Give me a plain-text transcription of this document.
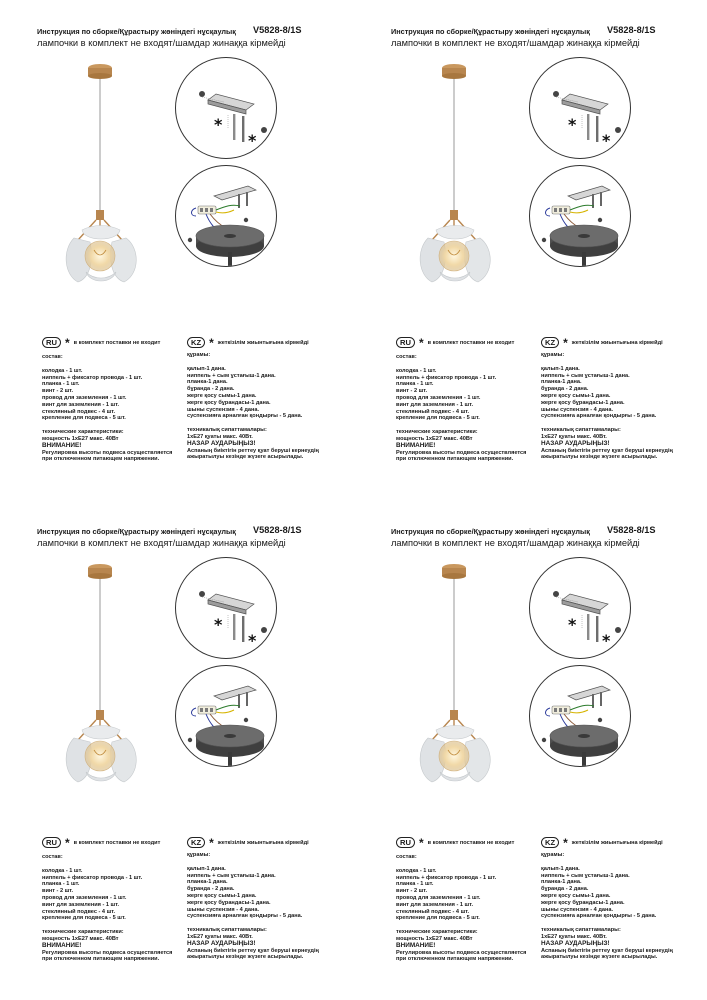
Инструкция по сборке/Құрастыру жөніндегі нұсқаулық V5828-8/1S
лампочки в комплект не входят/шамдар жинаққа кірмейді
*
*
RU * в комплект поставки не входит
состав:
колодка - 1 шт.
ниппель + фиксатор провода - 1 шт.
планка - 1 шт.
винт - 2 шт.
провод для заземления - 1 шт.
винт для заземления - 1 шт.
стеклянный подвес - 4 шт.
крепление для подвеса - 5 шт.
технические характеристики:
мощность 1хE27 макс. 40Вт
ВНИМАНИЕ!
Регулировка высоты подвеса осуществляется
при отключенном питающем напряжении.
KZ * жеткізілім жиынтығына кірмейді
құрамы:
қалып-1 дана.
ниппель + сым ұстағыш-1 дана.
планка-1 дана.
бұранда - 2 дана.
жерге қосу сымы-1 дана.
жерге қосу бұрандасы-1 дана.
шыны суспензия - 4 дана.
суспензияға арналған қондырғы - 5 дана.
техникалық сипаттамалары:
1хE27 қуаты макс. 40Вт.
НАЗАР АУДАРЫҢЫЗ!
Аспаның биіктігін реттеу қуат беруші кернеудің
ажыратылуы кезінде жүзеге асырылады.
Инструкция по сборке/Құрастыру жөніндегі нұсқаулық V5828-8/1S
лампочки в комплект не входят/шамдар жинаққа кірмейді
*
*
RU * в комплект поставки не входит
состав:
колодка - 1 шт.
ниппель + фиксатор провода - 1 шт.
планка - 1 шт.
винт - 2 шт.
провод для заземления - 1 шт.
винт для заземления - 1 шт.
стеклянный подвес - 4 шт.
крепление для подвеса - 5 шт.
технические характеристики:
мощность 1хE27 макс. 40Вт
ВНИМАНИЕ!
Регулировка высоты подвеса осуществляется
при отключенном питающем напряжении.
KZ * жеткізілім жиынтығына кірмейді
құрамы:
қалып-1 дана.
ниппель + сым ұстағыш-1 дана.
планка-1 дана.
бұранда - 2 дана.
жерге қосу сымы-1 дана.
жерге қосу бұрандасы-1 дана.
шыны суспензия - 4 дана.
суспензияға арналған қондырғы - 5 дана.
техникалық сипаттамалары:
1хE27 қуаты макс. 40Вт.
НАЗАР АУДАРЫҢЫЗ!
Аспаның биіктігін реттеу қуат беруші кернеудің
ажыратылуы кезінде жүзеге асырылады.
Инструкция по сборке/Құрастыру жөніндегі нұсқаулық V5828-8/1S
лампочки в комплект не входят/шамдар жинаққа кірмейді
*
*
RU * в комплект поставки не входит
состав:
колодка - 1 шт.
ниппель + фиксатор провода - 1 шт.
планка - 1 шт.
винт - 2 шт.
провод для заземления - 1 шт.
винт для заземления - 1 шт.
стеклянный подвес - 4 шт.
крепление для подвеса - 5 шт.
технические характеристики:
мощность 1хE27 макс. 40Вт
ВНИМАНИЕ!
Регулировка высоты подвеса осуществляется
при отключенном питающем напряжении.
KZ * жеткізілім жиынтығына кірмейді
құрамы:
қалып-1 дана.
ниппель + сым ұстағыш-1 дана.
планка-1 дана.
бұранда - 2 дана.
жерге қосу сымы-1 дана.
жерге қосу бұрандасы-1 дана.
шыны суспензия - 4 дана.
суспензияға арналған қондырғы - 5 дана.
техникалық сипаттамалары:
1хE27 қуаты макс. 40Вт.
НАЗАР АУДАРЫҢЫЗ!
Аспаның биіктігін реттеу қуат беруші кернеудің
ажыратылуы кезінде жүзеге асырылады.
Инструкция по сборке/Құрастыру жөніндегі нұсқаулық V5828-8/1S
лампочки в комплект не входят/шамдар жинаққа кірмейді
*
*
RU * в комплект поставки не входит
состав:
колодка - 1 шт.
ниппель + фиксатор провода - 1 шт.
планка - 1 шт.
винт - 2 шт.
провод для заземления - 1 шт.
винт для заземления - 1 шт.
стеклянный подвес - 4 шт.
крепление для подвеса - 5 шт.
технические характеристики:
мощность 1хE27 макс. 40Вт
ВНИМАНИЕ!
Регулировка высоты подвеса осуществляется
при отключенном питающем напряжении.
KZ * жеткізілім жиынтығына кірмейді
құрамы:
қалып-1 дана.
ниппель + сым ұстағыш-1 дана.
планка-1 дана.
бұранда - 2 дана.
жерге қосу сымы-1 дана.
жерге қосу бұрандасы-1 дана.
шыны суспензия - 4 дана.
суспензияға арналған қондырғы - 5 дана.
техникалық сипаттамалары:
1хE27 қуаты макс. 40Вт.
НАЗАР АУДАРЫҢЫЗ!
Аспаның биіктігін реттеу қуат беруші кернеудің
ажыратылуы кезінде жүзеге асырылады.
